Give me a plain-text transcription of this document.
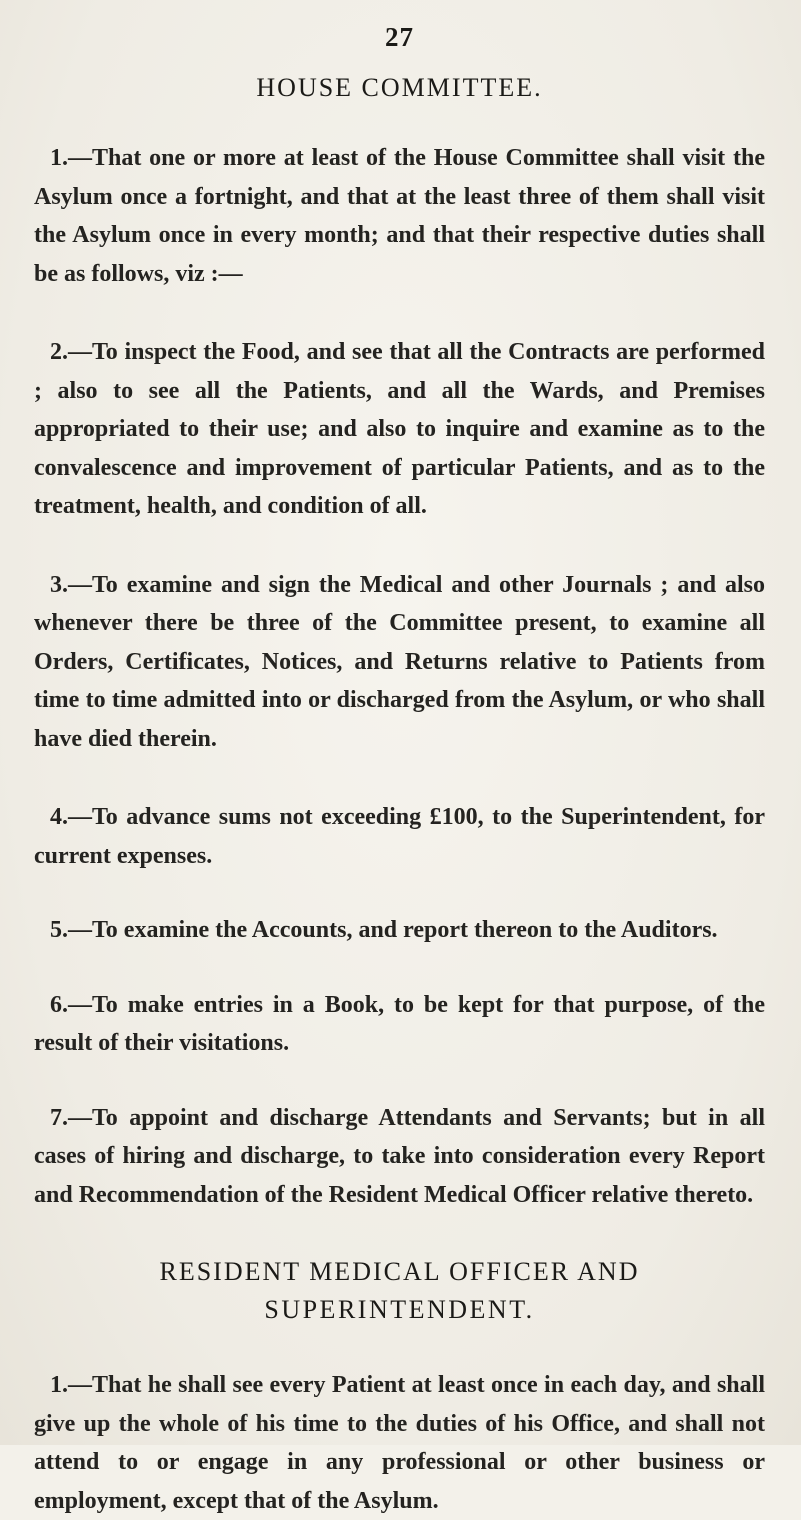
27
HOUSE COMMITTEE.

1.—That one or more at least of the House Committee shall visit the Asylum once a fortnight, and that at the least three of them shall visit the Asylum once in every month; and that their respective duties shall be as follows, viz :—

2.—To inspect the Food, and see that all the Contracts are performed ; also to see all the Patients, and all the Wards, and Premises appropriated to their use; and also to inquire and examine as to the convalescence and improvement of particular Patients, and as to the treatment, health, and condition of all.

3.—To examine and sign the Medical and other Journals ; and also whenever there be three of the Committee present, to examine all Orders, Certificates, Notices, and Returns relative to Patients from time to time admitted into or discharged from the Asylum, or who shall have died therein.

4.—To advance sums not exceeding £100, to the Superintendent, for current expenses.

5.—To examine the Accounts, and report thereon to the Auditors.

6.—To make entries in a Book, to be kept for that purpose, of the result of their visitations.

7.—To appoint and discharge Attendants and Servants; but in all cases of hiring and discharge, to take into consideration every Report and Recommendation of the Resident Medical Officer relative thereto.

RESIDENT MEDICAL OFFICER AND
SUPERINTENDENT.

1.—That he shall see every Patient at least once in each day, and shall give up the whole of his time to the duties of his Office, and shall not attend to or engage in any professional or other business or employment, except that of the Asylum.
